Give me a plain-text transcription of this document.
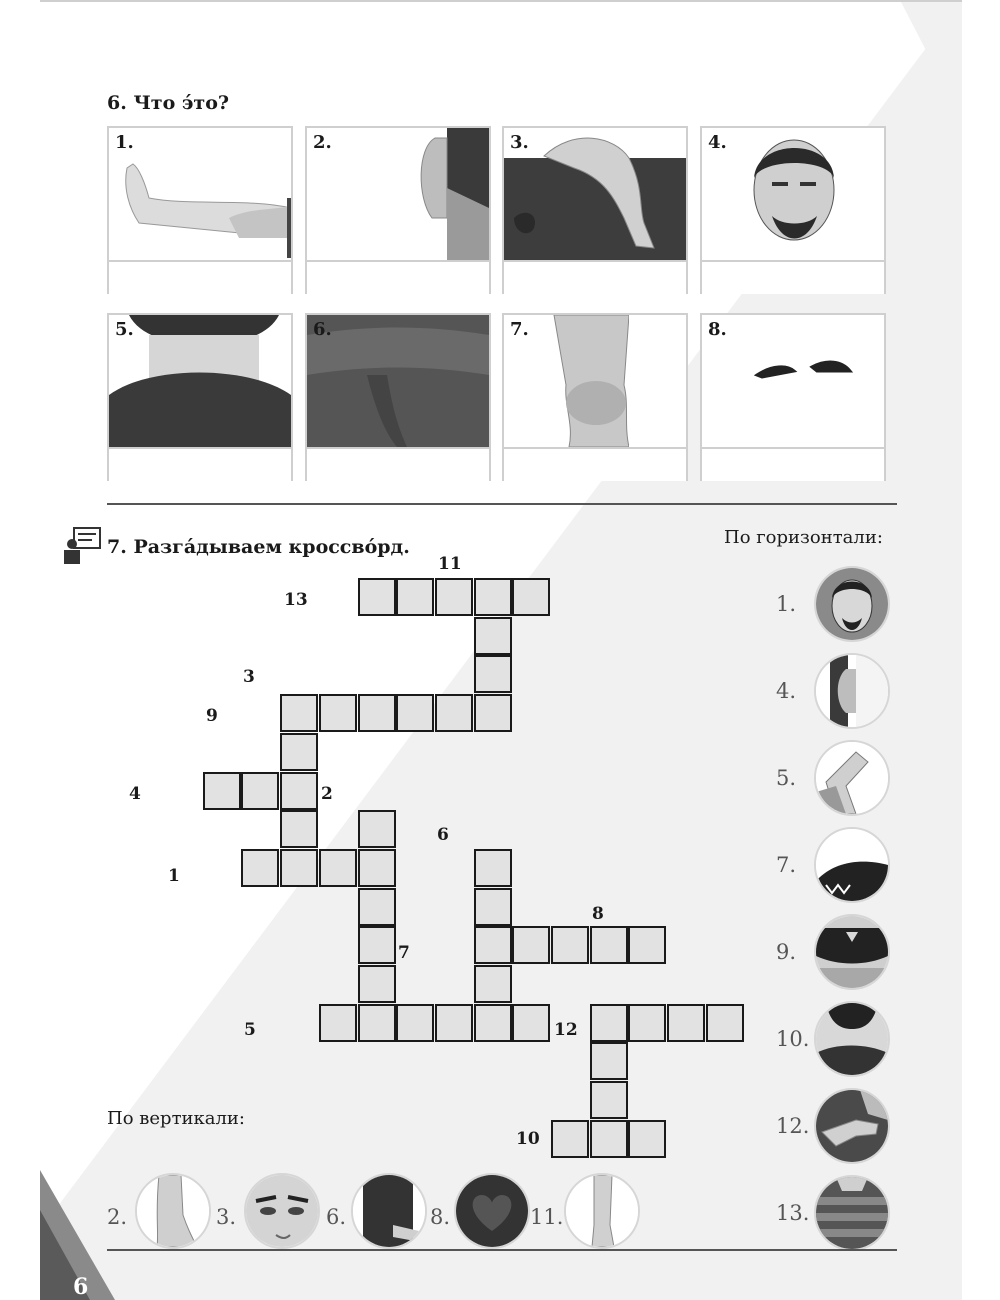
6. Что э́то?
1.	2.	3.	4.
5.	6.	7.	8.
7. Разга́дываем кроссво́рд.	По горизонтали:
По вертикали:
13
11
3
9
4	2
6
1
8
7
5	12
10
1.
4.
5.
7.
9.
10.
12.
13.
2.	3.	6.	8.	11.
6
